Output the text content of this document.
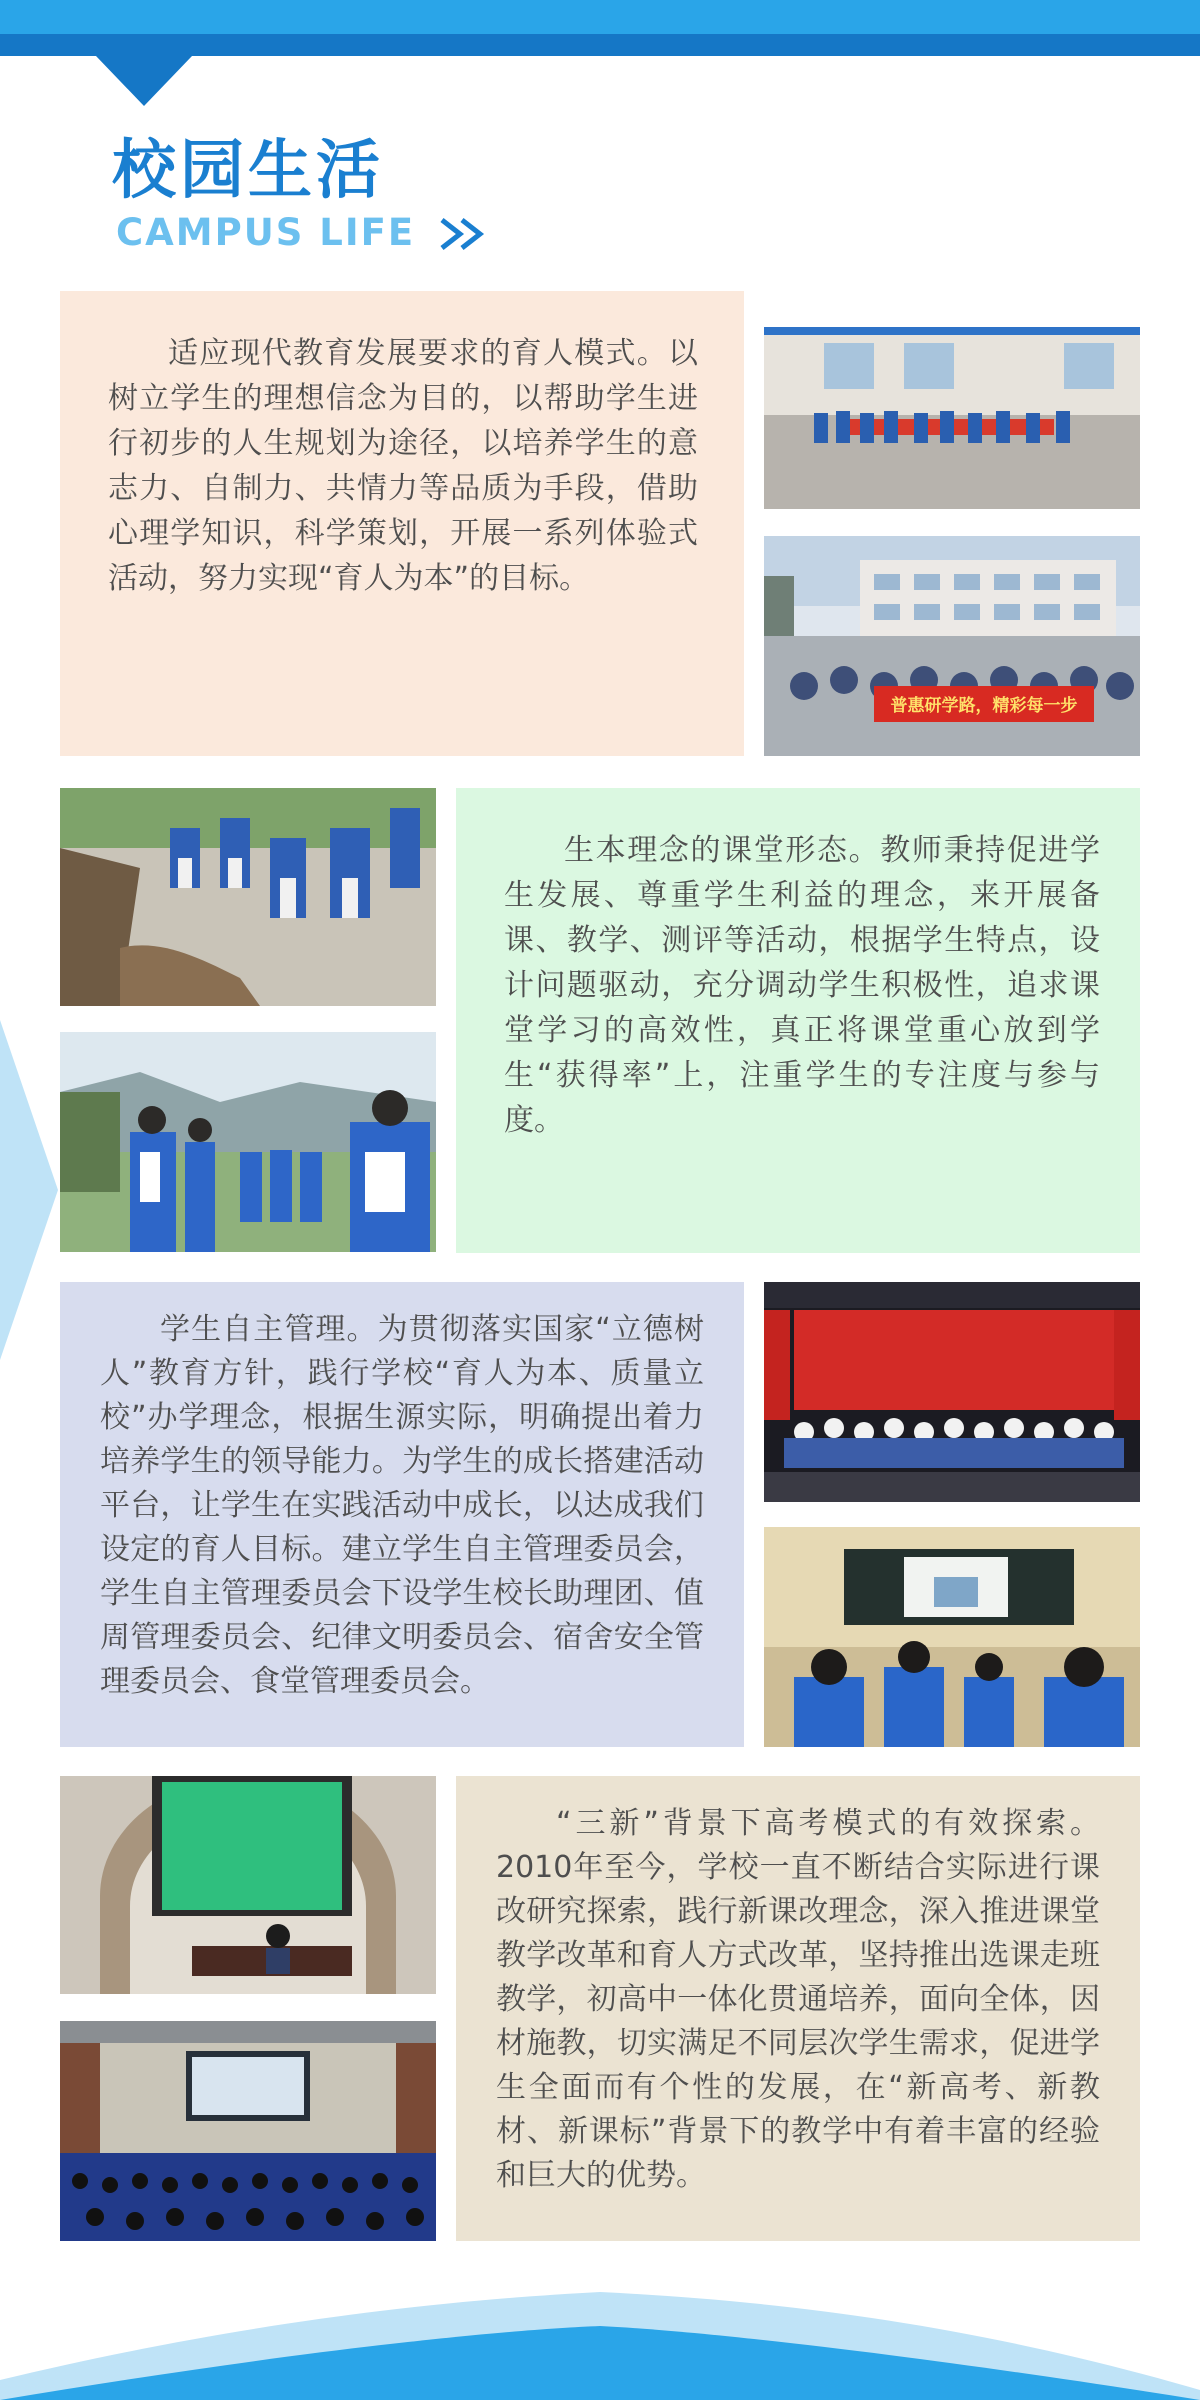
校园生活
CAMPUS LIFE

适应现代教育发展要求的育人模式。以树立学生的理想信念为目的，以帮助学生进行初步的人生规划为途径，以培养学生的意志力、自制力、共情力等品质为手段，借助心理学知识，科学策划，开展一系列体验式活动，努力实现“育人为本”的目标。

普惠研学路，精彩每一步

生本理念的课堂形态。教师秉持促进学生发展、尊重学生利益的理念，来开展备课、教学、测评等活动，根据学生特点，设计问题驱动，充分调动学生积极性，追求课堂学习的高效性，真正将课堂重心放到学生“获得率”上，注重学生的专注度与参与度。

学生自主管理。为贯彻落实国家“立德树人”教育方针，践行学校“育人为本、质量立校”办学理念，根据生源实际，明确提出着力培养学生的领导能力。为学生的成长搭建活动平台，让学生在实践活动中成长，以达成我们设定的育人目标。建立学生自主管理委员会，学生自主管理委员会下设学生校长助理团、值周管理委员会、纪律文明委员会、宿舍安全管理委员会、食堂管理委员会。

“三新”背景下高考模式的有效探索。2010年至今，学校一直不断结合实际进行课改研究探索，践行新课改理念，深入推进课堂教学改革和育人方式改革，坚持推出选课走班教学，初高中一体化贯通培养，面向全体，因材施教，切实满足不同层次学生需求，促进学生全面而有个性的发展，在“新高考、新教材、新课标”背景下的教学中有着丰富的经验和巨大的优势。
